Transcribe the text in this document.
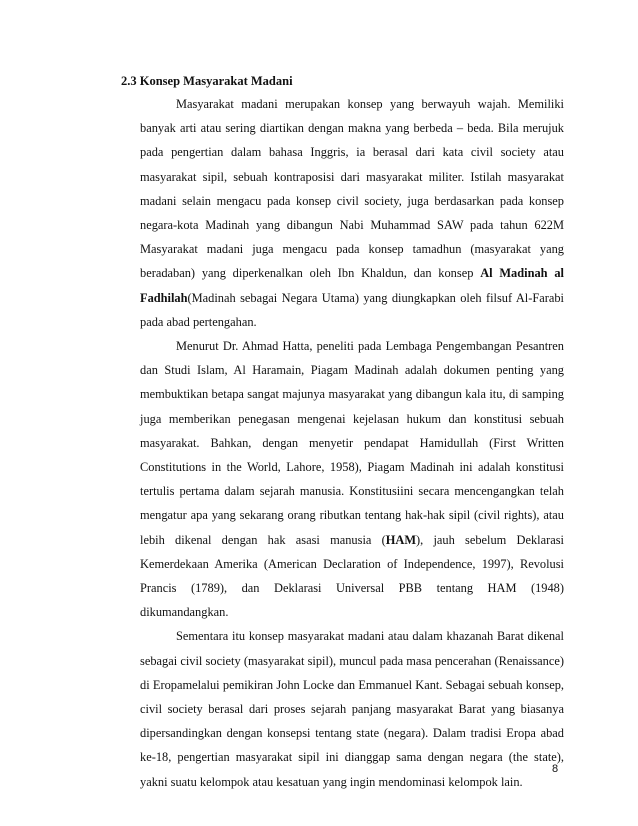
2.3 Konsep Masyarakat Madani

Masyarakat madani merupakan konsep yang berwayuh wajah. Memiliki banyak arti atau sering diartikan dengan makna yang berbeda – beda. Bila merujuk pada pengertian dalam bahasa Inggris, ia berasal dari kata civil society atau masyarakat sipil, sebuah kontraposisi dari masyarakat militer. Istilah masyarakat madani selain mengacu pada konsep civil society, juga berdasarkan pada konsep negara-kota Madinah yang dibangun Nabi Muhammad SAW pada tahun 622M Masyarakat madani juga mengacu pada konsep tamadhun (masyarakat yang beradaban) yang diperkenalkan oleh Ibn Khaldun, dan konsep Al Madinah al Fadhilah(Madinah sebagai Negara Utama) yang diungkapkan oleh filsuf Al-Farabi pada abad pertengahan.

Menurut Dr. Ahmad Hatta, peneliti pada Lembaga Pengembangan Pesantren dan Studi Islam, Al Haramain, Piagam Madinah adalah dokumen penting yang membuktikan betapa sangat majunya masyarakat yang dibangun kala itu, di samping juga memberikan penegasan mengenai kejelasan hukum dan konstitusi sebuah masyarakat. Bahkan, dengan menyetir pendapat Hamidullah (First Written Constitutions in the World, Lahore, 1958), Piagam Madinah ini adalah konstitusi tertulis pertama dalam sejarah manusia. Konstitusiini secara mencengangkan telah mengatur apa yang sekarang orang ributkan tentang hak-hak sipil (civil rights), atau lebih dikenal dengan hak asasi manusia (HAM), jauh sebelum Deklarasi Kemerdekaan Amerika (American Declaration of Independence, 1997), Revolusi Prancis (1789), dan Deklarasi Universal PBB tentang HAM (1948) dikumandangkan.

Sementara itu konsep masyarakat madani atau dalam khazanah Barat dikenal sebagai civil society (masyarakat sipil), muncul pada masa pencerahan (Renaissance) di Eropamelalui pemikiran John Locke dan Emmanuel Kant. Sebagai sebuah konsep, civil society berasal dari proses sejarah panjang masyarakat Barat yang biasanya dipersandingkan dengan konsepsi tentang state (negara). Dalam tradisi Eropa abad ke-18, pengertian masyarakat sipil ini dianggap sama dengan negara (the state), yakni suatu kelompok atau kesatuan yang ingin mendominasi kelompok lain.

8
